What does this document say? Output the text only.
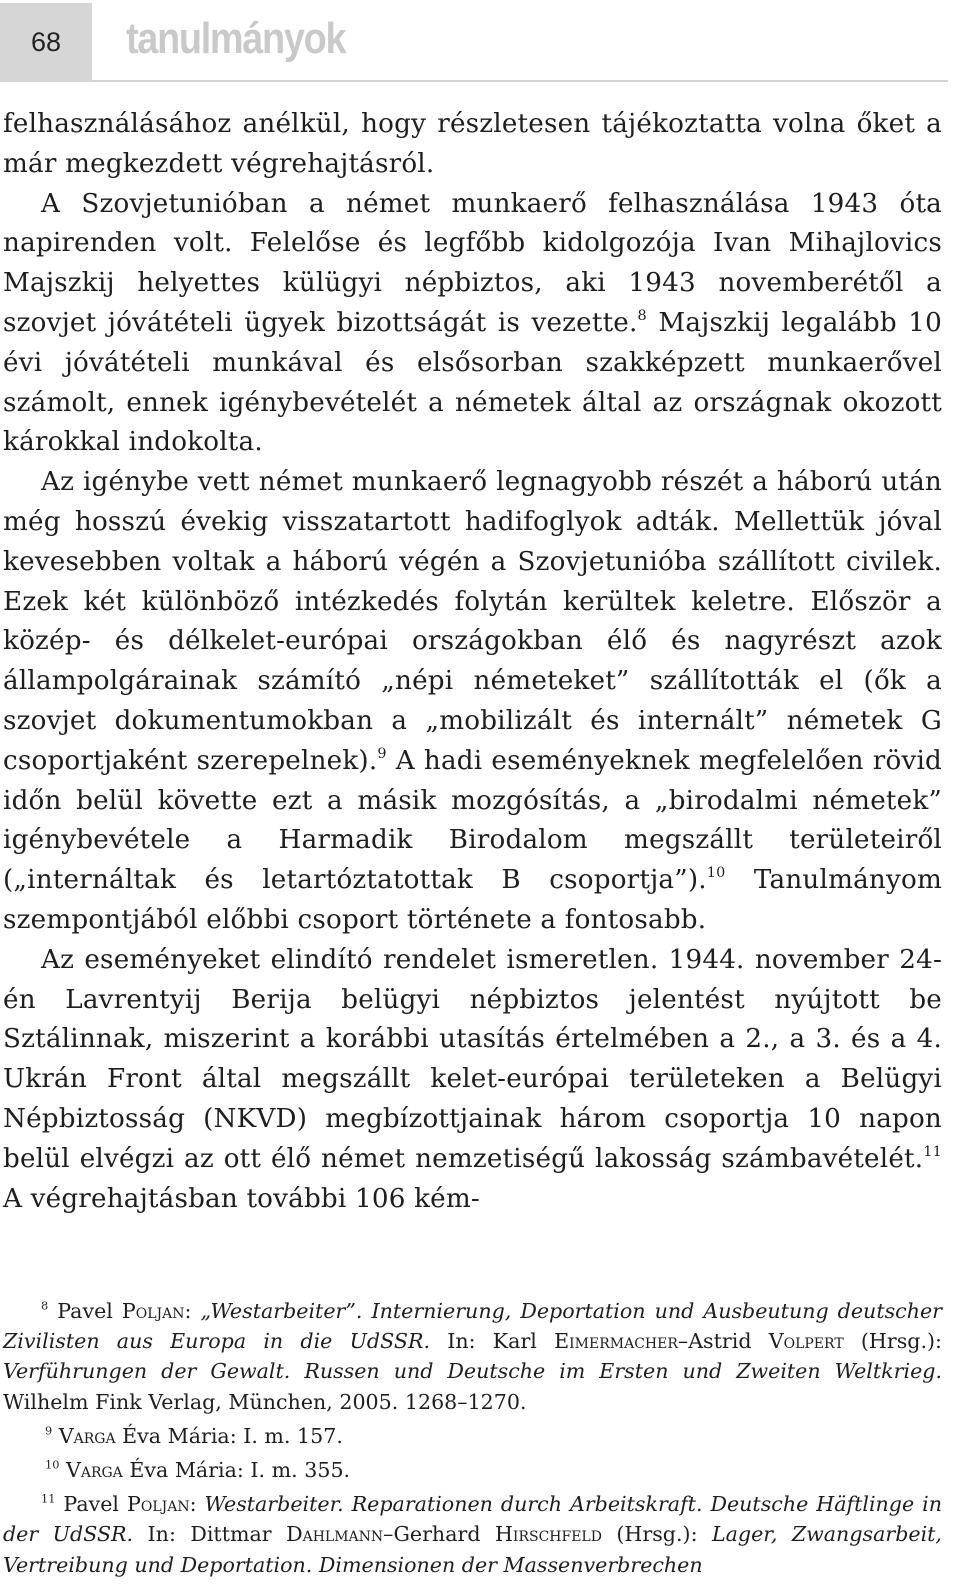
68	tanulmányok

felhasználásához anélkül, hogy részletesen tájékoztatta volna őket a már megkezdett végrehajtásról.

A Szovjetunióban a német munkaerő felhasználása 1943 óta napirenden volt. Felelőse és legfőbb kidolgozója Ivan Mihajlovics Majszkij helyettes külügyi népbiztos, aki 1943 novemberétől a szovjet jóvátételi ügyek bizottságát is vezette.$^8$ Majszkij legalább 10 évi jóvátételi munkával és elsősorban szakképzett munkaerővel számolt, ennek igénybevételét a németek által az országnak okozott károkkal indokolta.

Az igénybe vett német munkaerő legnagyobb részét a háború után még hosszú évekig visszatartott hadifoglyok adták. Mellettük jóval kevesebben voltak a háború végén a Szovjetunióba szállított civilek. Ezek két különböző intézkedés folytán kerültek keletre. Először a közép- és délkelet-európai országokban élő és nagyrészt azok állampolgárainak számító „népi németeket” szállították el (ők a szovjet dokumentumokban a „mobilizált és internált” németek G csoportjaként szerepelnek).$^9$ A hadi eseményeknek megfelelően rövid időn belül követte ezt a másik mozgósítás, a „birodalmi németek” igénybevétele a Harmadik Birodalom megszállt területeiről („internáltak és letartóztatottak B csoportja”).$^{10}$ Tanulmányom szempontjából előbbi csoport története a fontosabb.

Az eseményeket elindító rendelet ismeretlen. 1944. november 24-én Lavrentyij Berija belügyi népbiztos jelentést nyújtott be Sztálinnak, miszerint a korábbi utasítás értelmében a 2., a 3. és a 4. Ukrán Front által megszállt kelet-európai területeken a Belügyi Népbiztosság (NKVD) megbízottjainak három csoportja 10 napon belül elvégzi az ott élő német nemzetiségű lakosság számbavételét.$^{11}$ A végrehajtásban további 106 kém-

$^8$ Pavel Poljan: „Westarbeiter”. Internierung, Deportation und Ausbeutung deutscher Zivilisten aus Europa in die UdSSR. In: Karl Eimermacher–Astrid Volpert (Hrsg.): Verführungen der Gewalt. Russen und Deutsche im Ersten und Zweiten Weltkrieg. Wilhelm Fink Verlag, München, 2005. 1268–1270.

$^9$ Varga Éva Mária: I. m. 157.

$^{10}$ Varga Éva Mária: I. m. 355.

$^{11}$ Pavel Poljan: Westarbeiter. Reparationen durch Arbeitskraft. Deutsche Häftlinge in der UdSSR. In: Dittmar Dahlmann–Gerhard Hirschfeld (Hrsg.): Lager, Zwangsarbeit, Vertreibung und Deportation. Dimensionen der Massenverbrechen
